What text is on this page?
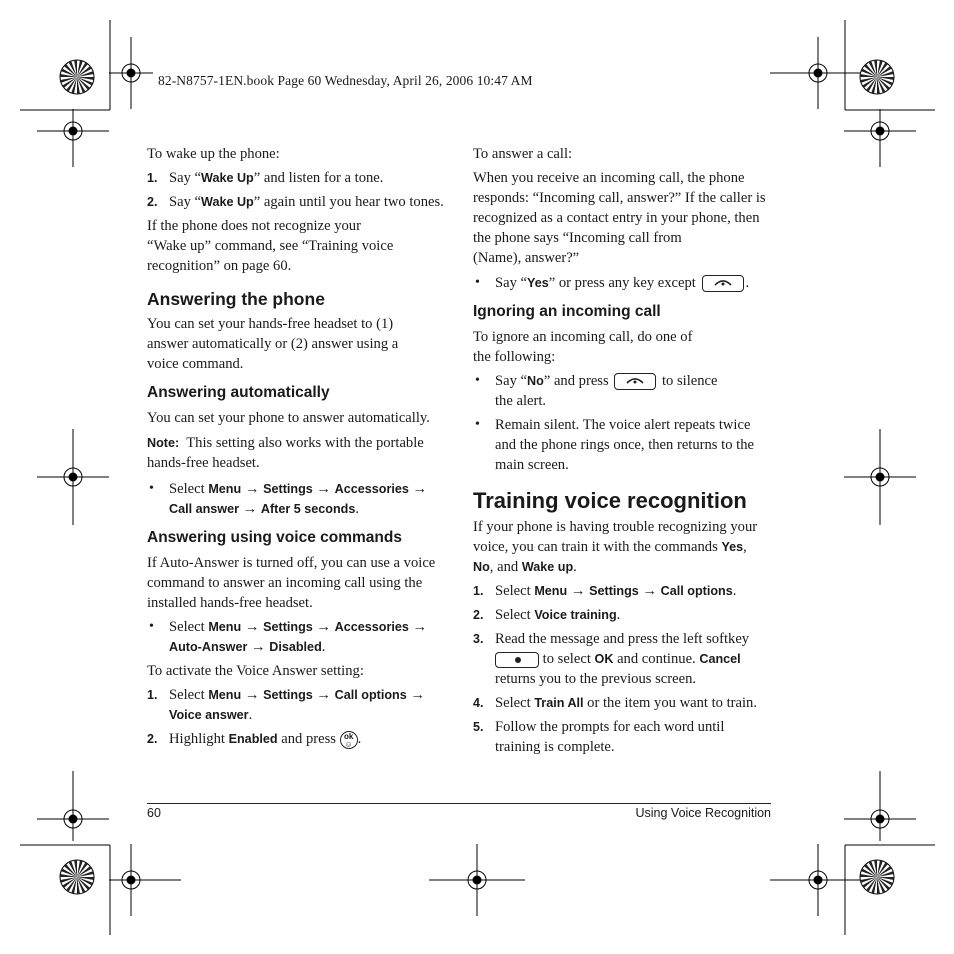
82-N8757-1EN.book Page 60 Wednesday, April 26, 2006 10:47 AM

To wake up the phone:

1. Say “Wake Up” and listen for a tone.
2. Say “Wake Up” again until you hear two tones.

If the phone does not recognize your
“Wake up” command, see “Training voice
recognition” on page 60.

Answering the phone

You can set your hands-free headset to (1)
answer automatically or (2) answer using a
voice command.

Answering automatically

You can set your phone to answer automatically.

Note: This setting also works with the portable
hands-free headset.

• Select Menu → Settings → Accessories →
Call answer → After 5 seconds.
Answering using voice commands

If Auto-Answer is turned off, you can use a voice
command to answer an incoming call using the
installed hands-free headset.

• Select Menu → Settings → Accessories →
Auto-Answer → Disabled.

To activate the Voice Answer setting:

1. Select Menu → Settings → Call options →
Voice answer.
2. Highlight Enabled and press ok
☺ .

To answer a call:

When you receive an incoming call, the phone
responds: “Incoming call, answer?” If the caller is
recognized as a contact entry in your phone, then
the phone says “Incoming call from
(Name), answer?”

• Say “Yes” or press any key except	.
Ignoring an incoming call

To ignore an incoming call, do one of
the following:

• Say “No” and press	to silence
the alert.
• Remain silent. The voice alert repeats twice
and the phone rings once, then returns to the
main screen.
Training voice recognition

If your phone is having trouble recognizing your
voice, you can train it with the commands Yes,
No, and Wake up.

1. Select Menu → Settings → Call options.
2. Select Voice training.
3. Read the message and press the left softkey
to select OK and continue. Cancel
returns you to the previous screen.
4. Select Train All or the item you want to train.
5. Follow the prompts for each word until
training is complete.
60	Using Voice Recognition
